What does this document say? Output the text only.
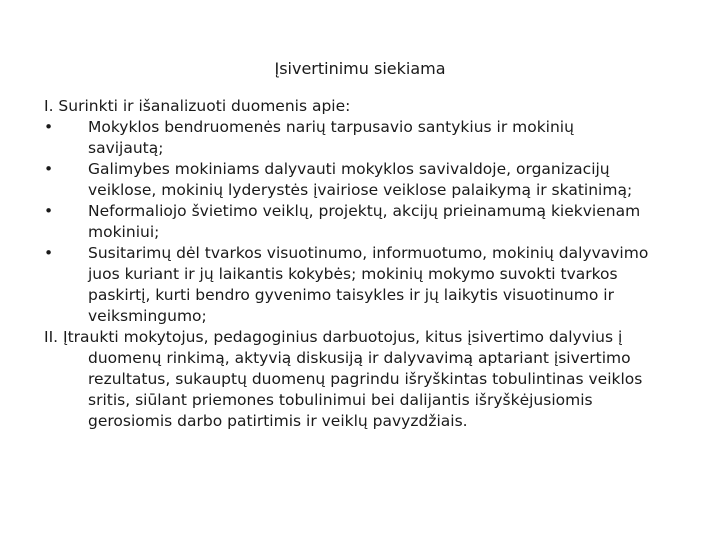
Įsivertinimu siekiama
I. Surinkti ir išanalizuoti duomenis apie:
•	Mokyklos bendruomenės narių tarpusavio santykius ir mokinių
savijautą;
•	Galimybes mokiniams dalyvauti mokyklos savivaldoje, organizacijų
veiklose, mokinių lyderystės įvairiose veiklose palaikymą ir skatinimą;
•	Neformaliojo švietimo veiklų, projektų, akcijų prieinamumą kiekvienam
mokiniui;
•	Susitarimų dėl tvarkos visuotinumo, informuotumo, mokinių dalyvavimo
juos kuriant ir jų laikantis kokybės; mokinių mokymo suvokti tvarkos
paskirtį, kurti bendro gyvenimo taisykles ir jų laikytis visuotinumo ir
veiksmingumo;
II. Įtraukti mokytojus, pedagoginius darbuotojus, kitus įsivertimo dalyvius į
duomenų rinkimą, aktyvią diskusiją ir dalyvavimą aptariant įsivertimo
rezultatus, sukauptų duomenų pagrindu išryškintas tobulintinas veiklos
sritis, siūlant priemones tobulinimui bei dalijantis išryškėjusiomis
gerosiomis darbo patirtimis ir veiklų pavyzdžiais.
